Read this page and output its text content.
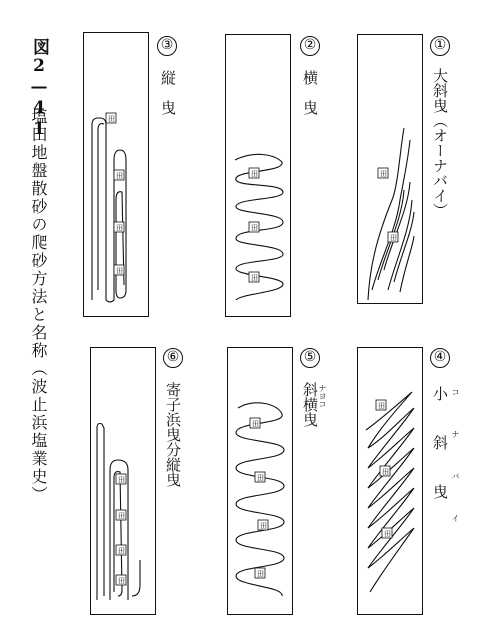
図2—41
塩田地盤散砂の爬砂方法と名称（波止浜塩業史）
③
縦　曳
田
田
田
田
②
横　曳
田
田
田
①
大斜曳（オーナバイ）
田
田
⑥
寄子浜曳分縦曳
田
田
田
田
⑤
斜横曳 ナヨコ
田
田
田
田
④
小斜曳 コナバイ
田
田
田
